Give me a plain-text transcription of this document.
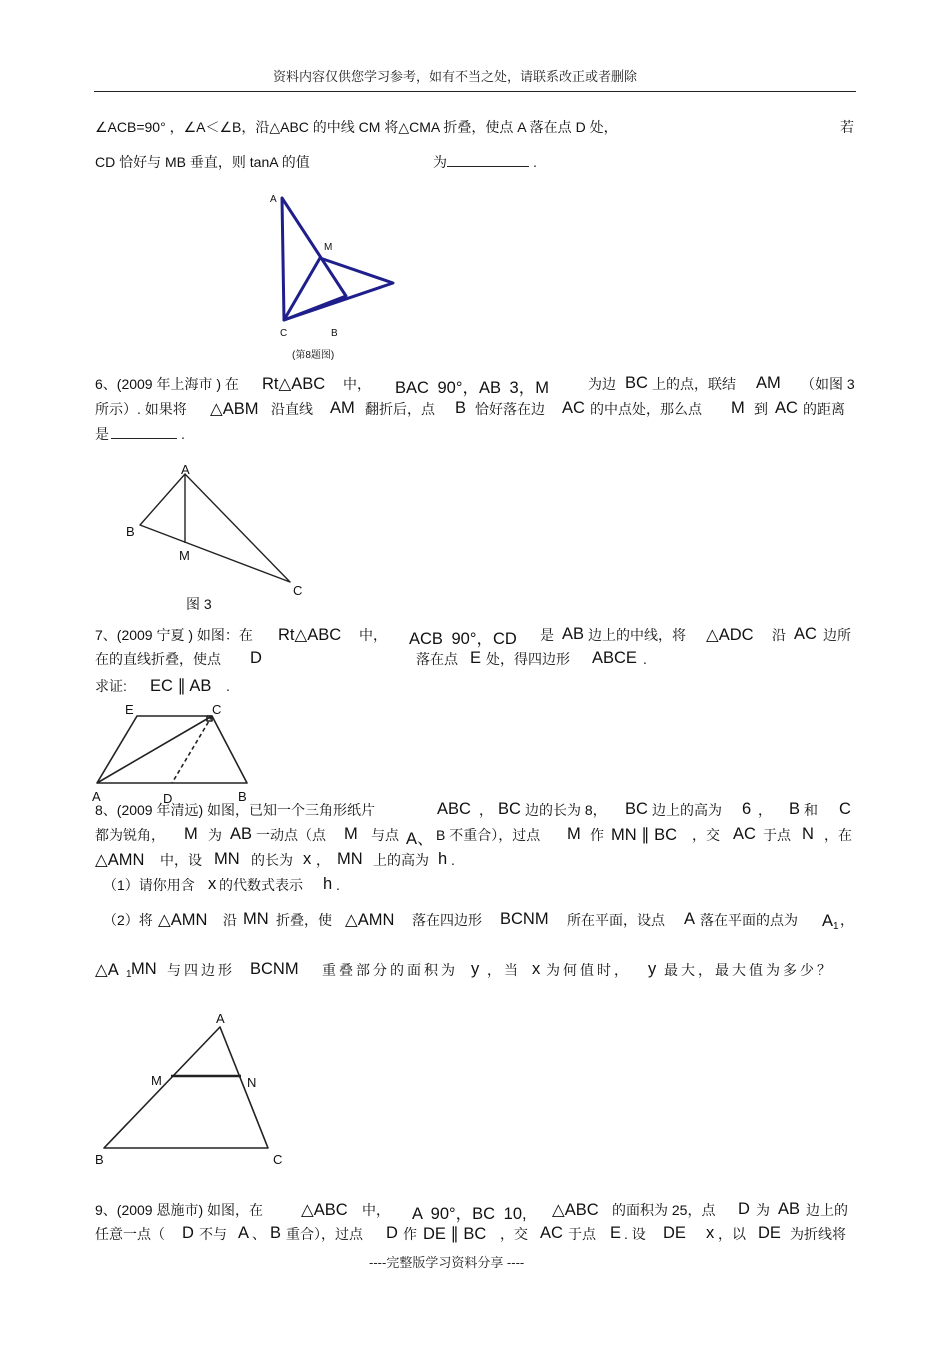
资料内容仅供您学习参考，如有不当之处，请联系改正或者删除
∠ACB=90° ，∠A＜∠B，沿△ABC 的中线 CM 将△CMA 折叠，使点 A 落在点 D 处，	若
CD 恰好与 MB 垂直，则 tanA 的值	为	.
A
M
C	B
(第8题图)
6、(2009 年上海市 ) 在 Rt△ABC 中， BAC 90°，AB 3，M	为边 BC 上的点，联结 AM （如图 3
所示）. 如果将 △ABM 沿直线 AM 翻折后，点 B 恰好落在边 AC 的中点处，那么点 M 到 AC 的距离
是	.
A
B
M
C
图 3
7、(2009 宁夏 ) 如图：在 Rt△ABC 中， ACB 90°，CD 是 AB 边上的中线，将 △ADC 沿 AC 边所
在的直线折叠，使点 D	落在点 E 处，得四边形 ABCE .
求证: EC ∥ AB .
E	C
A	D	B
8、(2009 年清远) 如图，已知一个三角形纸片	ABC ， BC 边的长为 8， BC 边上的高为 6 ， B 和 C
都为锐角， M 为 AB 一动点（点 M 与点 A、 B 不重合），过点 M 作 MN ∥ BC ，交 AC 于点 N ，在
△AMN 中，设 MN 的长为 x ， MN 上的高为 h .
（1）请你用含 x 的代数式表示 h .
（2）将 △AMN 沿 MN 折叠，使 △AMN 落在四边形 BCNM 所在平面，设点 A 落在平面的点为 A 1 ，
△A 1 MN 与四边形 BCNM 重叠部分的面积为 y ，当 x 为何值时， y 最大，最大值为多少？
A
M	N
B	C
9、(2009 恩施市) 如图，在 △ABC 中， A 90°，BC 10, △ABC 的面积为 25，点 D 为 AB 边上的
任意一点（ D 不与 A 、 B 重合），过点 D 作 DE ∥ BC ，交 AC 于点 E . 设 DE x ，以 DE 为折线将
----完整版学习资料分享 ----
